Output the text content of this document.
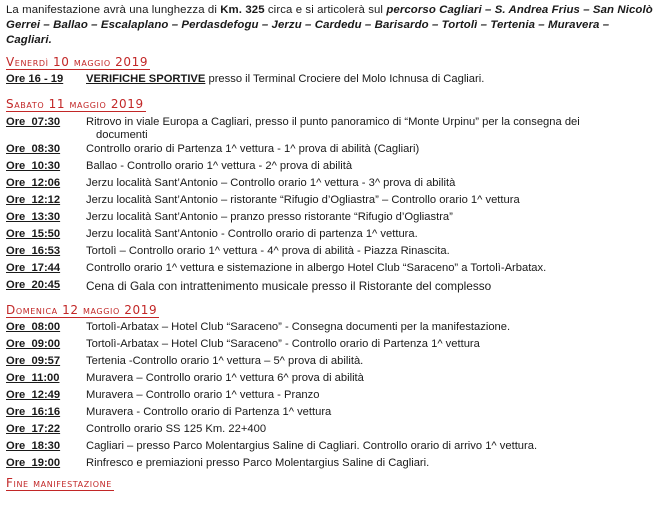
La manifestazione avrà una lunghezza di Km. 325 circa e si articolerà sul percorso Cagliari – S. Andrea Frius – San Nicolò Gerrei – Ballao – Escalaplano – Perdasdefogu – Jerzu – Cardedu – Barisardo – Tortolì – Tertenia – Muravera – Cagliari.

Venerdì 10 maggio 2019
Ore 16 - 19	VERIFICHE SPORTIVE presso il Terminal Crociere del Molo Ichnusa di Cagliari.
Sabato 11 maggio 2019
Ore  07:30	Ritrovo in viale Europa a Cagliari, presso il punto panoramico di “Monte Urpinu” per la consegna dei
documenti
Ore  08:30	Controllo orario di Partenza 1^ vettura - 1^ prova di abilità (Cagliari)
Ore  10:30	Ballao - Controllo orario 1^ vettura - 2^ prova di abilità
Ore  12:06	Jerzu località Sant’Antonio – Controllo orario 1^ vettura - 3^ prova di abilità
Ore  12:12	Jerzu località Sant’Antonio – ristorante “Rifugio d’Ogliastra” – Controllo orario 1^ vettura
Ore  13:30	Jerzu località Sant’Antonio – pranzo presso ristorante “Rifugio d’Ogliastra”
Ore  15:50	Jerzu località Sant’Antonio - Controllo orario di partenza 1^ vettura.
Ore  16:53	Tortolì – Controllo orario 1^ vettura - 4^ prova di abilità - Piazza Rinascita.
Ore  17:44	Controllo orario 1^ vettura e sistemazione in albergo Hotel Club “Saraceno” a Tortolì-Arbatax.
Ore  20:45	Cena di Gala con intrattenimento musicale presso il Ristorante del complesso
Domenica 12 maggio 2019
Ore  08:00	Tortolì-Arbatax – Hotel Club “Saraceno” - Consegna documenti per la manifestazione.
Ore  09:00	Tortolì-Arbatax – Hotel Club “Saraceno” - Controllo orario di Partenza 1^ vettura
Ore  09:57	Tertenia -Controllo orario 1^ vettura – 5^ prova di abilità.
Ore  11:00	Muravera – Controllo orario 1^ vettura 6^ prova di abilità
Ore  12:49	Muravera – Controllo orario 1^ vettura - Pranzo
Ore  16:16	Muravera - Controllo orario di Partenza 1^ vettura
Ore  17:22	Controllo orario SS 125 Km. 22+400
Ore  18:30	Cagliari – presso Parco Molentargius Saline di Cagliari. Controllo orario di arrivo 1^ vettura.
Ore  19:00	Rinfresco e premiazioni presso Parco Molentargius Saline di Cagliari.
Fine manifestazione
